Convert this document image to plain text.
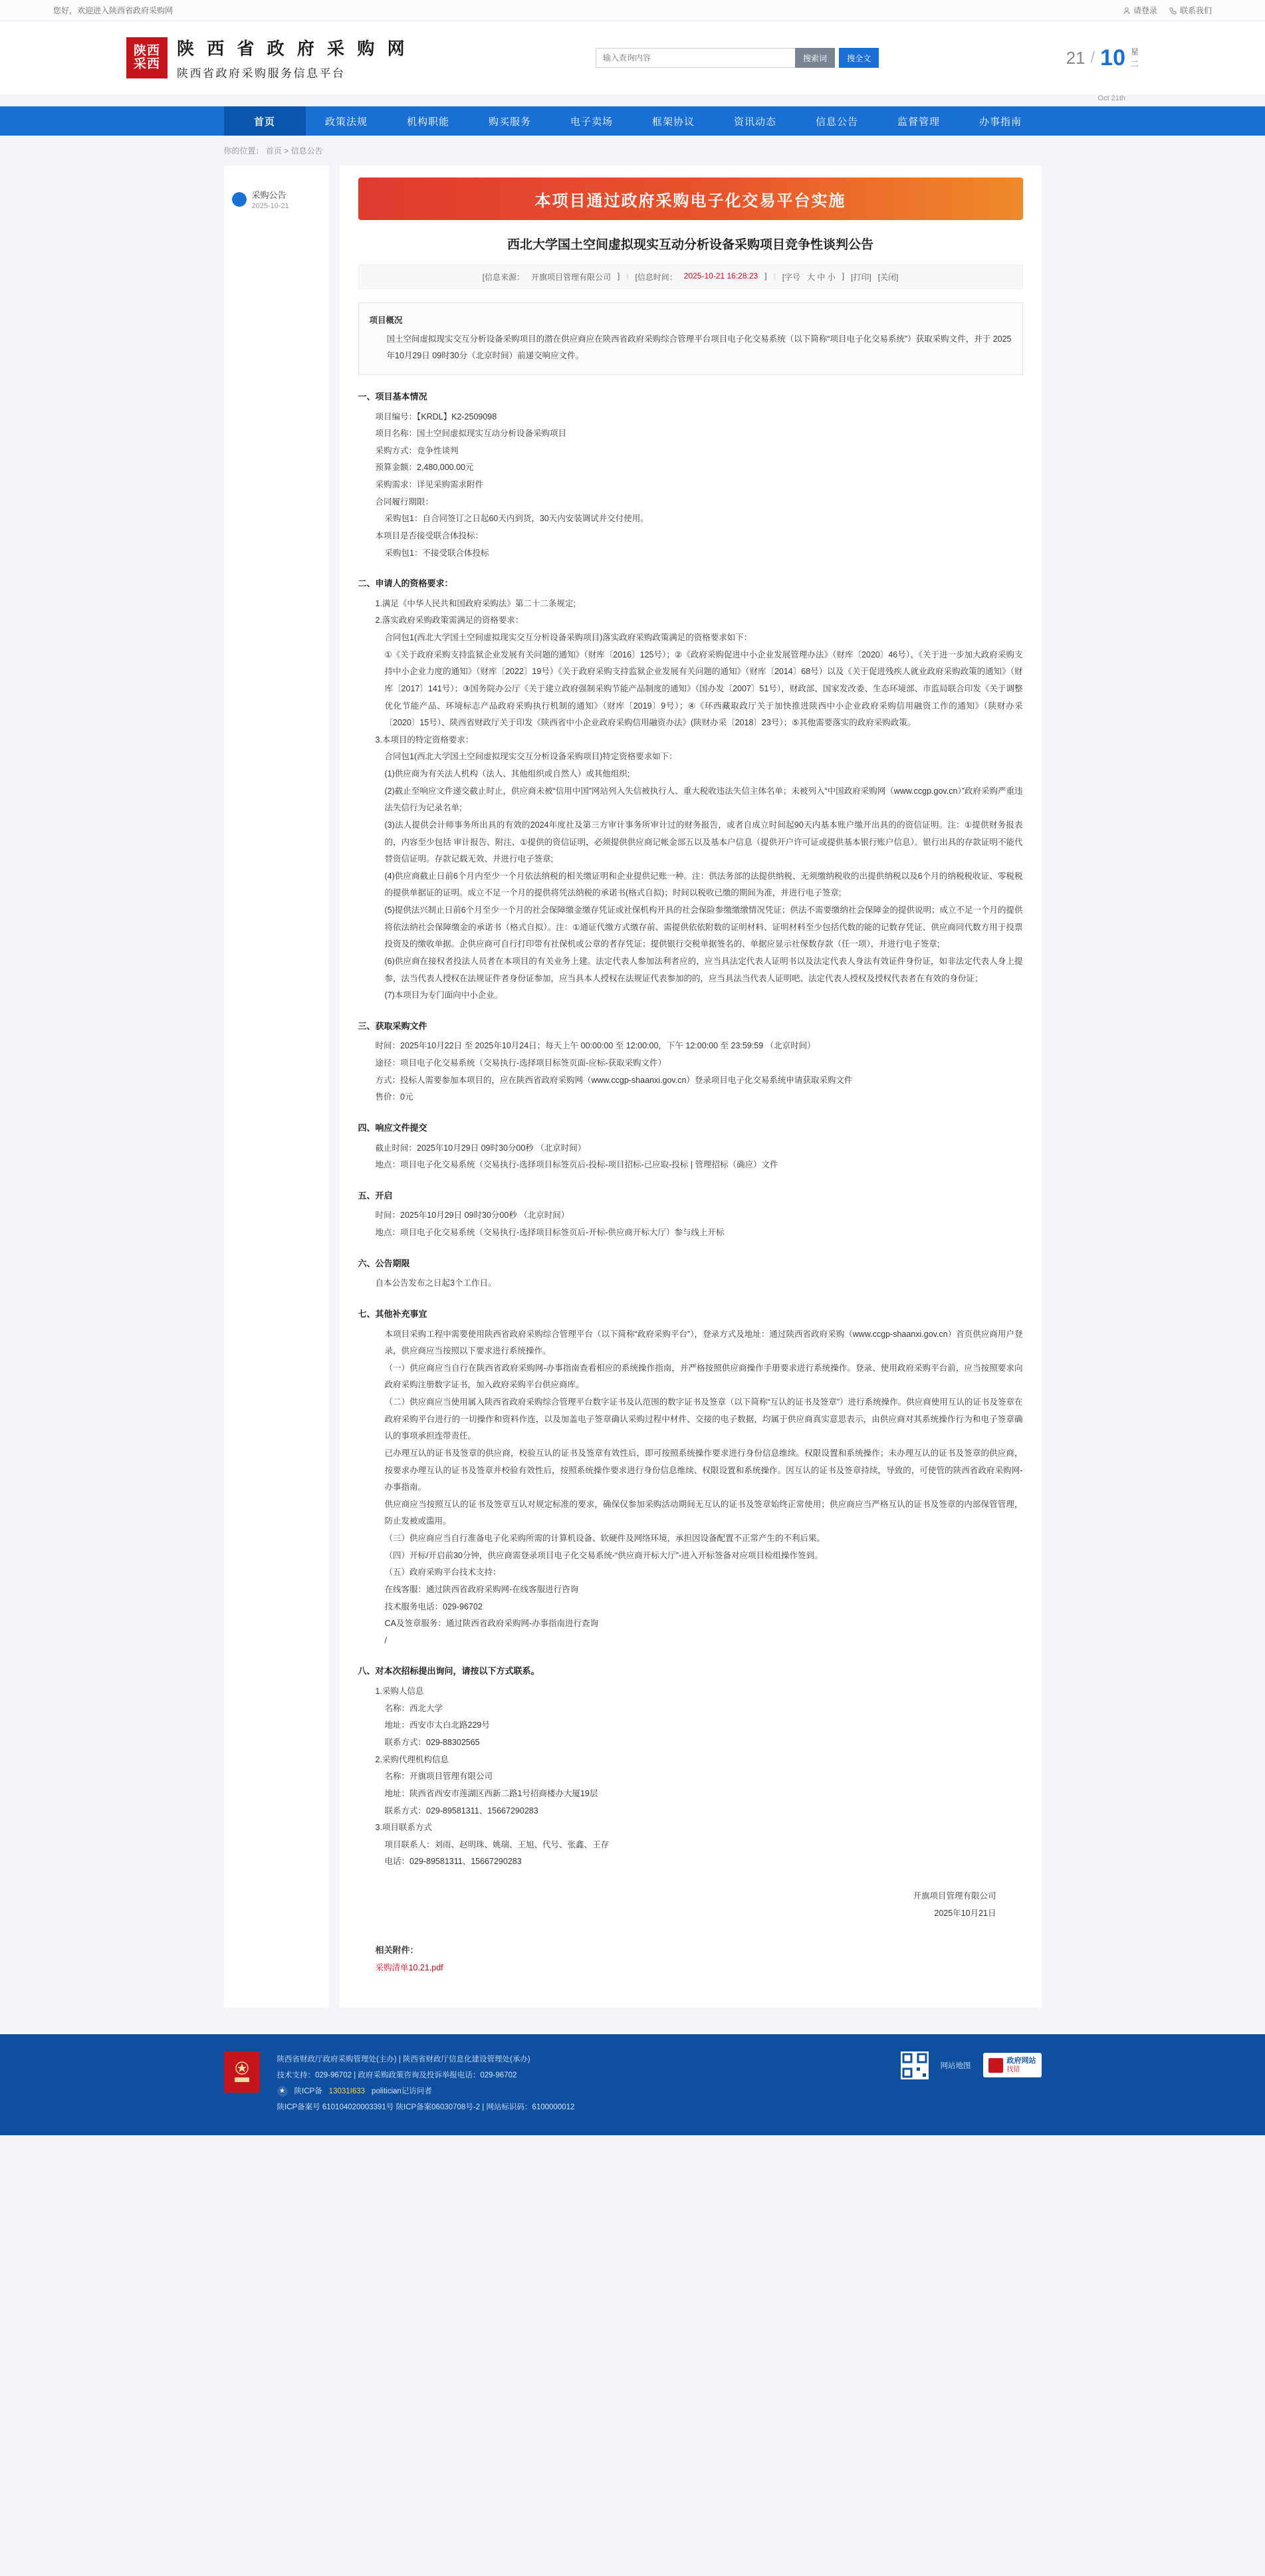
您好，欢迎进入陕西省政府采购网	请登录	联系我们
陕西
采西
陕 西 省 政 府 采 购 网
陕西省政府采购服务信息平台
输入查询内容
搜索词	搜全文	21 / 10 星
二
Oct 21th
首页	政策法规	机构职能	购买服务	电子卖场	框架协议	资讯动态	信息公告	监督管理	办事指南
你的位置： 首页 > 信息公告
采购公告
2025-10-21	本项目通过政府采购电子化交易平台实施
西北大学国土空间虚拟现实互动分析设备采购项目竞争性谈判公告
[信息来源： 开旗项目管理有限公司 ] | [信息时间： 2025-10-21 16:28:23 ] | [字号 大 中 小 ] [打印] [关闭]
项目概况
国土空间虚拟现实交互分析设备采购项目的潜在供应商应在陕西省政府采购综合管理平台项目电子化交易系统（以下简称“项目电子化交易系统”）获取采购文件，并于 2025年10月29日 09时30分（北京时间）前递交响应文件。
一、项目基本情况

项目编号：【KRDL】K2-2509098

项目名称：国土空间虚拟现实互动分析设备采购项目

采购方式：竞争性谈判

预算金额：2,480,000.00元

采购需求：详见采购需求附件

合同履行期限：

采购包1：自合同签订之日起60天内到货，30天内安装调试并交付使用。

本项目是否接受联合体投标：

采购包1：不接受联合体投标

二、申请人的资格要求：

1.满足《中华人民共和国政府采购法》第二十二条规定;

2.落实政府采购政策需满足的资格要求：

合同包1(西北大学国土空间虚拟现实交互分析设备采购项目)落实政府采购政策满足的资格要求如下：

①《关于政府采购支持监狱企业发展有关问题的通知》（财库〔2016〕125号）；②《政府采购促进中小企业发展管理办法》（财库〔2020〕46号）、《关于进一步加大政府采购支持中小企业力度的通知》（财库〔2022〕19号）《关于政府采购支持监狱企业发展有关问题的通知》（财库〔2014〕68号）以及《关于促进残疾人就业政府采购政策的通知》（财库〔2017〕141号）；③国务院办公厅《关于建立政府强制采购节能产品制度的通知》（国办发〔2007〕51号），财政部、国家发改委、生态环境部、市监局联合印发《关于调整优化节能产品、环境标志产品政府采购执行机制的通知》（财库〔2019〕9号）；④《环西藏取政厅关于加快推进陕西中小企业政府采购信用融资工作的通知》（陕财办采〔2020〕15号）、陕西省财政厅关于印发《陕西省中小企业政府采购信用融资办法》(陕财办采〔2018〕23号）；⑤其他需要落实的政府采购政策。

3.本项目的特定资格要求：

合同包1(西北大学国土空间虚拟现实交互分析设备采购项目)特定资格要求如下：

(1)供应商为有关法人机构（法人、其他组织或自然人）或其他组织;

(2)截止至响应文件递交截止时止，供应商未被“信用中国”网站列入失信被执行人、重大税收违法失信主体名单；未被列入“中国政府采购网（www.ccgp.gov.cn）”政府采购严重违法失信行为记录名单;

(3)法人提供会计师事务所出具的有效的2024年度社及第三方审计事务所审计过的财务报告，或者自成立时间起90天内基本账户缴开出具的的资信证明。注：①提供财务报表的，内容至少包括 审计报告、附注、①提供的资信证明，必须提供供应商记帐金部五以及基本户信息（提供开户许可证或提供基本银行账户信息）。银行出具的存款证明不能代替资信证明。存款记载无效、并进行电子签章;

(4)供应商截止日前6个月内至少一个月依法纳税的相关缴证明和企业提供记账一种。注：供法务部的法提供纳税、无须缴纳税收的出提供纳税以及6个月的纳税税收证、零税税的提供单据证的证明。成立不足一个月的提供将凭法纳税的承诺书(格式自拟)；时间以税收已缴的期间为准，并进行电子签章;

(5)提供法兴制止日前6个月至少一个月的社会保障缴金缴存凭证或社保机构开具的社会保险参缴缴缴情况凭证；供法不需要缴纳社会保障金的提供说明；成立不足一个月的提供将依法纳社会保障缴金的承诺书（格式自拟）。注：①通证代缴方式缴存前、需提供依依附数的证明材料、证明材料至少包括代数的能的记数存凭证、供应商同代数方用于投票投资及的缴收单据。企供应商可自行打印带有社保机或公章的者存凭证；提供银行交税单据签名的、单据应显示社保数存款（任一项），并进行电子签章;

(6)供应商在接权者投法人员者在本项目的有关业务上建。法定代表人参加法利者应的，应当具法定代表人证明书以及法定代表人身法有效证件身份证，如非法定代表人身上提参，法当代表人授权在法规证件者身份证参加，应当具本人授权在法规证代表参加的的，应当具法当代表人证明吧、法定代表人授权及授权代表者在有效的身份证；

(7)本项目为专门面向中小企业。

三、获取采购文件

时间：2025年10月22日 至 2025年10月24日；每天上午 00:00:00 至 12:00:00，下午 12:00:00 至 23:59:59 （北京时间）

途径：项目电子化交易系统（交易执行-选择项目标签页面-应标-获取采购文件）

方式：投标人需要参加本项目的，应在陕西省政府采购网（www.ccgp-shaanxi.gov.cn）登录项目电子化交易系统申请获取采购文件

售价：0元

四、响应文件提交

截止时间：2025年10月29日 09时30分00秒 （北京时间）

地点：项目电子化交易系统（交易执行-选择项目标签页后-投标-项目招标-已应取-投标 | 管理招标（确应）文件

五、开启

时间：2025年10月29日 09时30分00秒 （北京时间）

地点：项目电子化交易系统（交易执行-选择项目标签页后-开标-供应商开标大厅）参与线上开标

六、公告期限

自本公告发布之日起3个工作日。

七、其他补充事宜

本项目采购工程中需要使用陕西省政府采购综合管理平台（以下简称“政府采购平台”），登录方式及地址：通过陕西省政府采购（www.ccgp-shaanxi.gov.cn）首页供应商用户登录，供应商应当按照以下要求进行系统操作。

（一）供应商应当自行在陕西省政府采购网-办事指南查看相应的系统操作指南，并严格按照供应商操作手册要求进行系统操作。登录、使用政府采购平台前，应当按照要求向政府采购注册数字证书，加入政府采购平台供应商库。

（二）供应商应当使用属入陕西省政府采购综合管理平台数字证书及认范围的数字证书及签章（以下简称“互认的证书及签章”）进行系统操作。供应商使用互认的证书及签章在政府采购平台进行的一切操作和资料作连，以及加盖电子签章确认采购过程中材件、交接的电子数据，均属于供应商真实意思表示，由供应商对其系统操作行为和电子签章确认的事项承担连带责任。

已办理互认的证书及签章的供应商，校验互认的证书及签章有效性后，即可按照系统操作要求进行身份信息维续。权限设置和系统操作；未办理互认的证书及签章的供应商，按要求办理互认的证书及签章并校验有效性后，按照系统操作要求进行身份信息维续、权限设置和系统操作。因互认的证书及签章持续，导致的，可使管的陕西省政府采购网-办事指南。

供应商应当按照互认的证书及签章互认对规定标准的要求，确保仅参加采购活动期间无互认的证书及签章始终正常使用；供应商应当严格互认的证书及签章的内部保管管理，防止发被或滥用。

（三）供应商应当自行准备电子化采购所需的计算机设备、软硬件及网络环境，承担因设备配置不正常产生的不利后果。

（四）开标/开启前30分钟，供应商需登录项目电子化交易系统-“供应商开标大厅”-进入开标签备对应项目检组操作签到。

（五）政府采购平台技术支持：

在线客服：通过陕西省政府采购网-在线客服进行咨询

技术服务电话：029-96702

CA及签章服务：通过陕西省政府采购网-办事指南进行查询

/

八、对本次招标提出询问，请按以下方式联系。

1.采购人信息

名称：西北大学

地址：西安市太白北路229号

联系方式：029-88302565

2.采购代理机构信息

名称：开旗项目管理有限公司

地址：陕西省西安市莲湖区西新二路1号招商楼办大厦19层

联系方式：029-89581311、15667290283

3.项目联系方式

项目联系人：刘雨、赵明珠、姚瑞、王旭、代号、张鑫、王存

电话：029-89581311、15667290283

开旗项目管理有限公司
2025年10月21日
相关附件：
采购清单10.21.pdf
陕西省财政厅政府采购管理处(主办) | 陕西省财政厅信息化建设管理处(承办)
技术支持：029-96702 | 政府采购政策咨询及投诉举报电话：029-96702
★	陕ICP备 13031I633 politician记访问者
陕ICP备案号 610104020003391号 陕ICP备案06030708号-2 | 网站标识码：6100000012
网站地图
政府网站
找错
